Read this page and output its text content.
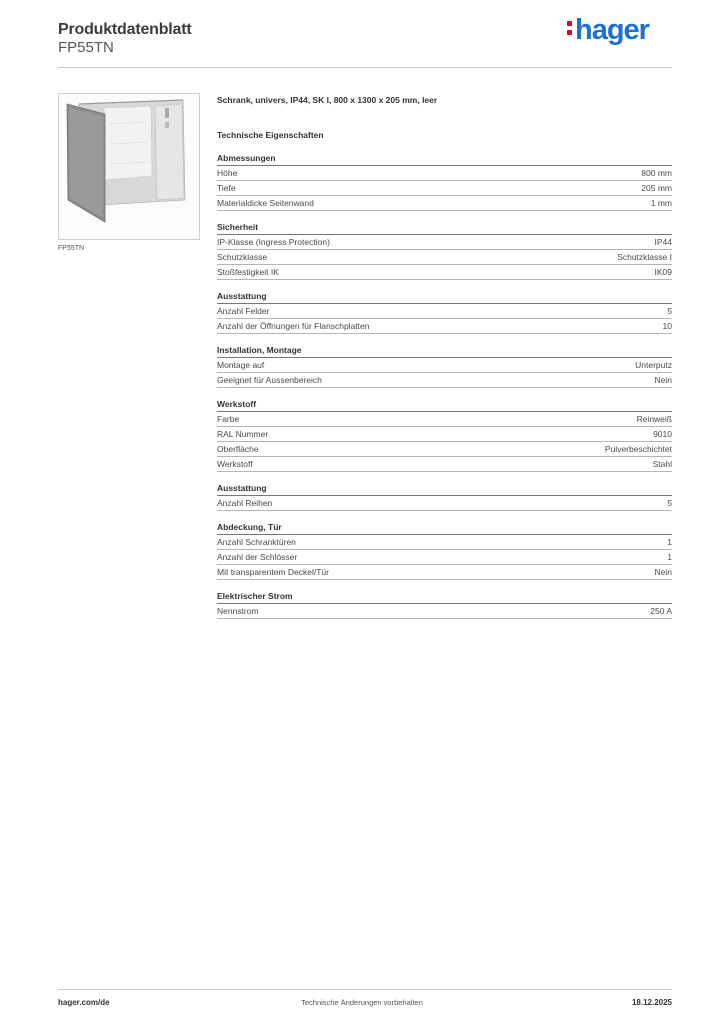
Produktdatenblatt
FP55TN
hager
FP55TN
Schrank, univers, IP44, SK I, 800 x 1300 x 205 mm, leer
Technische Eigenschaften
Abmessungen
Höhe	800 mm
Tiefe	205 mm
Materialdicke Seitenwand	1 mm
Sicherheit
IP-Klasse (Ingress Protection)	IP44
Schutzklasse	Schutzklasse I
Stoßfestigkeit IK	IK09
Ausstattung
Anzahl Felder	5
Anzahl der Öffnungen für Flanschplatten	10
Installation, Montage
Montage auf	Unterputz
Geeignet für Aussenbereich	Nein
Werkstoff
Farbe	Reinweiß
RAL Nummer	9010
Oberfläche	Pulverbeschichtet
Werkstoff	Stahl
Ausstattung
Anzahl Reihen	5
Abdeckung, Tür
Anzahl Schranktüren	1
Anzahl der Schlösser	1
Mit transparentem Deckel/Tür	Nein
Elektrischer Strom
Nennstrom	250 A
hager.com/de	Technische Änderungen vorbehalten	18.12.2025
